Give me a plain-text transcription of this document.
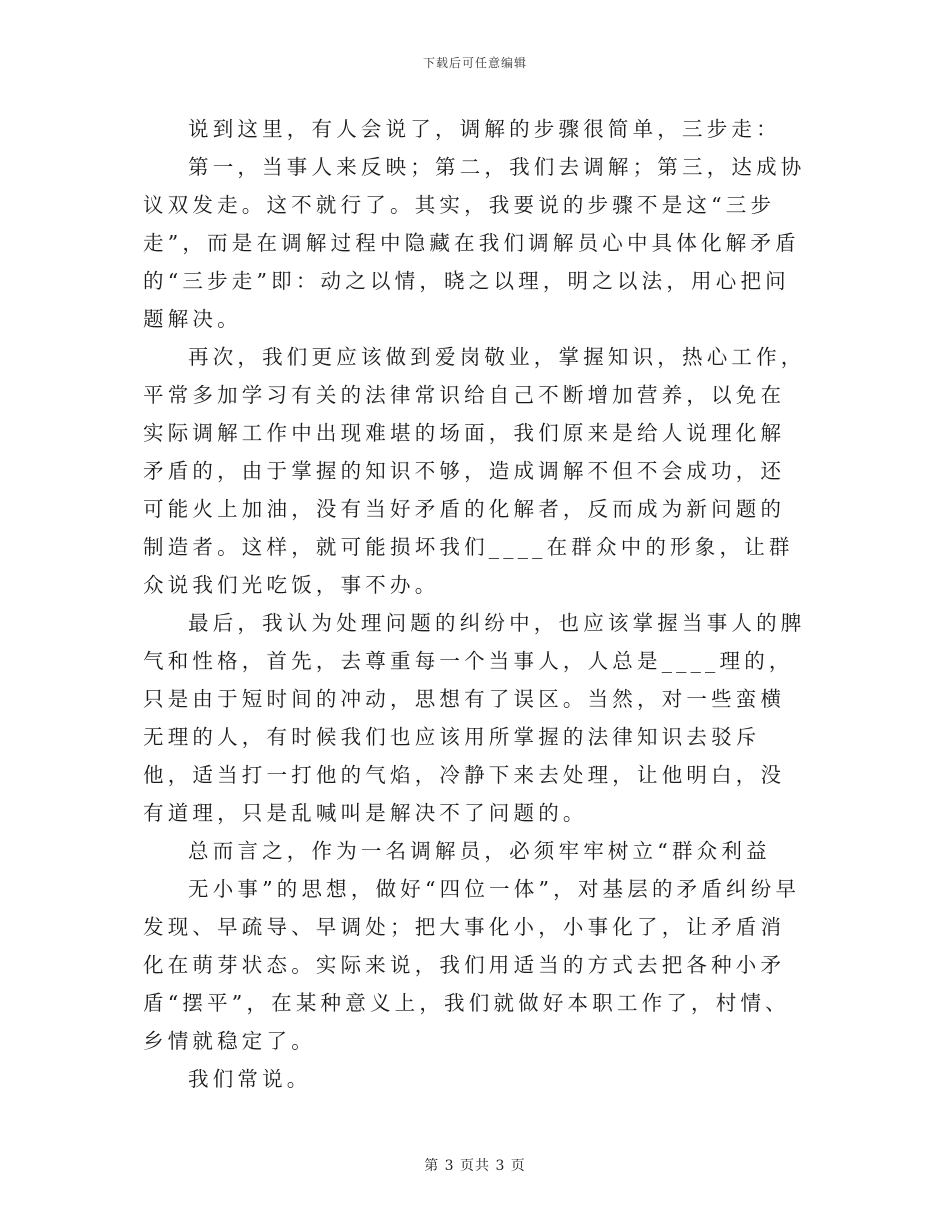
下载后可任意编辑

说到这里，有人会说了，调解的步骤很简单，三步走：

第一，当事人来反映；第二，我们去调解；第三，达成协议双发走。这不就行了。其实，我要说的步骤不是这“三步走”，而是在调解过程中隐藏在我们调解员心中具体化解矛盾的“三步走”即：动之以情，晓之以理，明之以法，用心把问题解决。

再次，我们更应该做到爱岗敬业，掌握知识，热心工作，平常多加学习有关的法律常识给自己不断增加营养，以免在实际调解工作中出现难堪的场面，我们原来是给人说理化解矛盾的，由于掌握的知识不够，造成调解不但不会成功，还可能火上加油，没有当好矛盾的化解者，反而成为新问题的制造者。这样，就可能损坏我们____在群众中的形象，让群众说我们光吃饭，事不办。

最后，我认为处理问题的纠纷中，也应该掌握当事人的脾气和性格，首先，去尊重每一个当事人，人总是____理的，只是由于短时间的冲动，思想有了误区。当然，对一些蛮横无理的人，有时候我们也应该用所掌握的法律知识去驳斥他，适当打一打他的气焰，冷静下来去处理，让他明白，没有道理，只是乱喊叫是解决不了问题的。

总而言之，作为一名调解员，必须牢牢树立“群众利益

无小事”的思想，做好“四位一体”，对基层的矛盾纠纷早发现、早疏导、早调处；把大事化小，小事化了，让矛盾消化在萌芽状态。实际来说，我们用适当的方式去把各种小矛盾“摆平”，在某种意义上，我们就做好本职工作了，村情、乡情就稳定了。

我们常说。

第 3 页共 3 页
